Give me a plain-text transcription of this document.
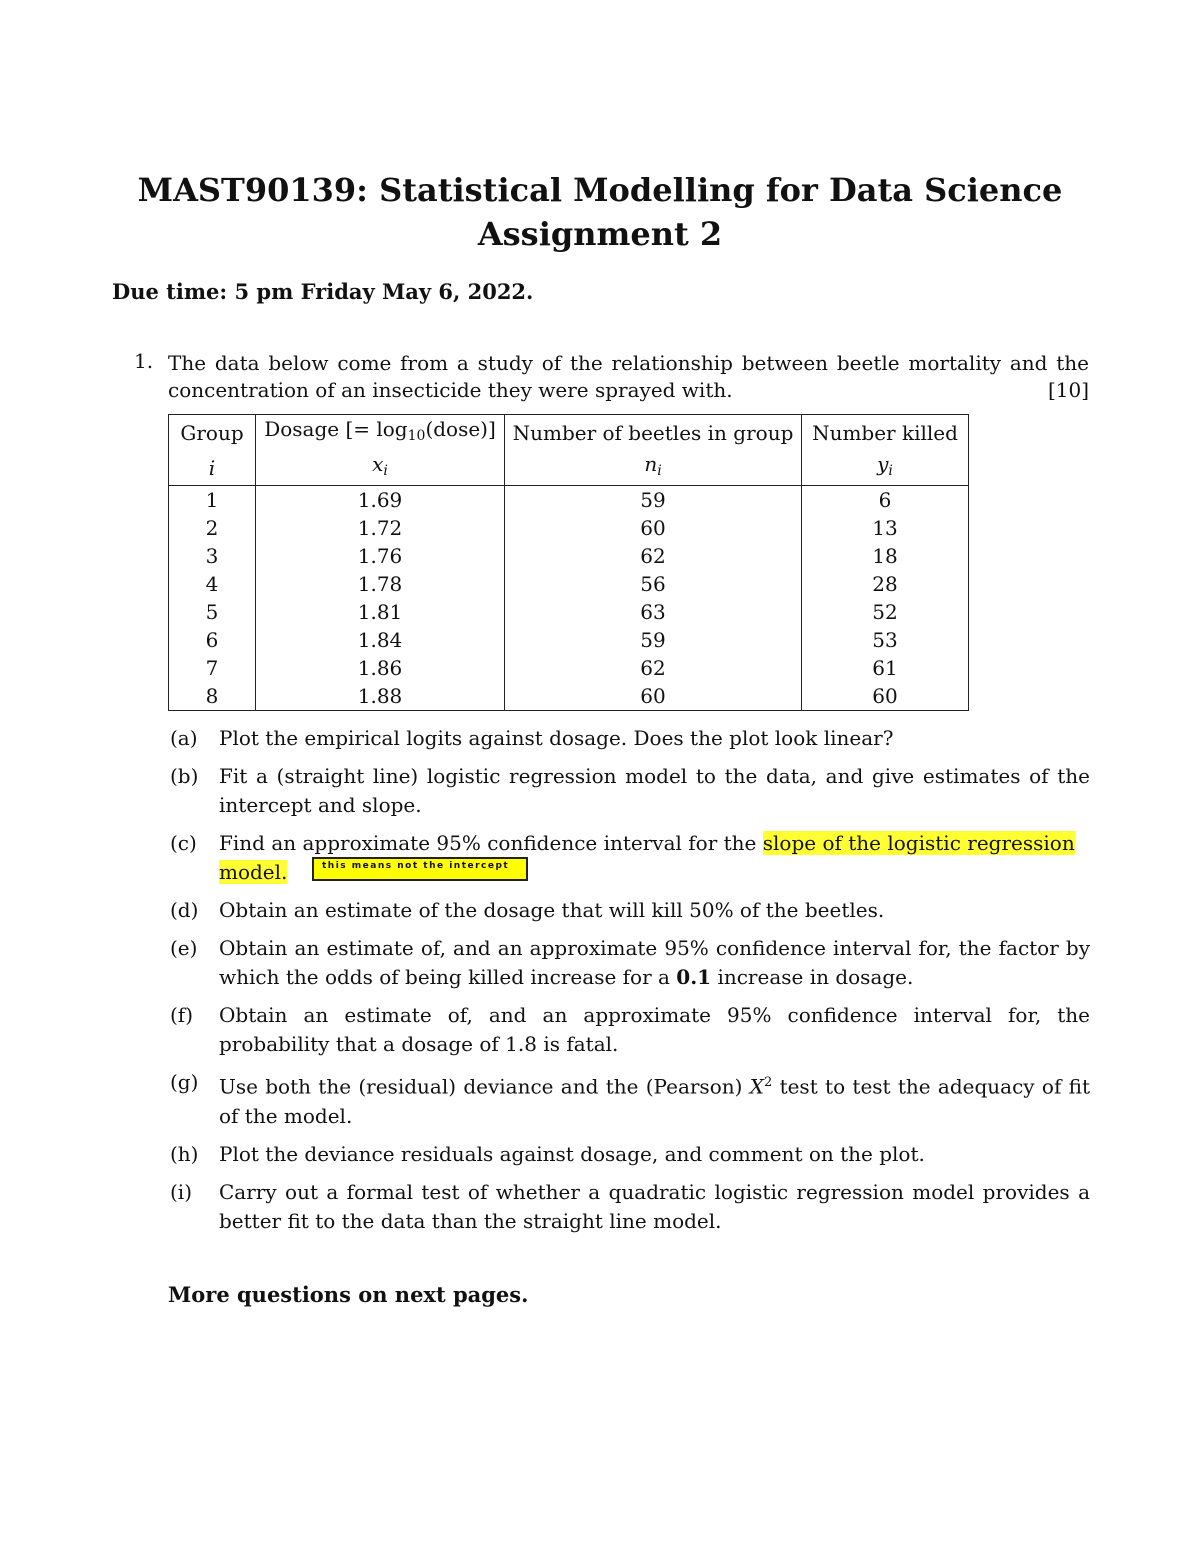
MAST90139: Statistical Modelling for Data Science
Assignment 2
Due time: 5 pm Friday May 6, 2022.
1. The data below come from a study of the relationship between beetle mortality and the
concentration of an insecticide they were sprayed with.	[10]
Group	Dosage [= $\log_{10}(dose)$]	Number of beetles in group	Number killed
i	$x_i$	$n_i$	$y_i$
1	1.69	59	6
2	1.72	60	13
3	1.76	62	18
4	1.78	56	28
5	1.81	63	52
6	1.84	59	53
7	1.86	62	61
8	1.88	60	60
(a)	Plot the empirical logits against dosage. Does the plot look linear?
(b)	Fit a (straight line) logistic regression model to the data, and give estimates of the intercept and slope.
(c)	Find an approximate 95% confidence interval for the slope of the logistic regression
model.
(d)	Obtain an estimate of the dosage that will kill 50% of the beetles.
(e)	Obtain an estimate of, and an approximate 95% confidence interval for, the factor by which the odds of being killed increase for a 0.1 increase in dosage.
(f)	Obtain an estimate of, and an approximate 95% confidence interval for, the probability that a dosage of 1.8 is fatal.
(g)	Use both the (residual) deviance and the (Pearson) $X^2$ test to test the adequacy of fit of the model.
(h)	Plot the deviance residuals against dosage, and comment on the plot.
(i)	Carry out a formal test of whether a quadratic logistic regression model provides a better fit to the data than the straight line model.
this means not the intercept
More questions on next pages.
